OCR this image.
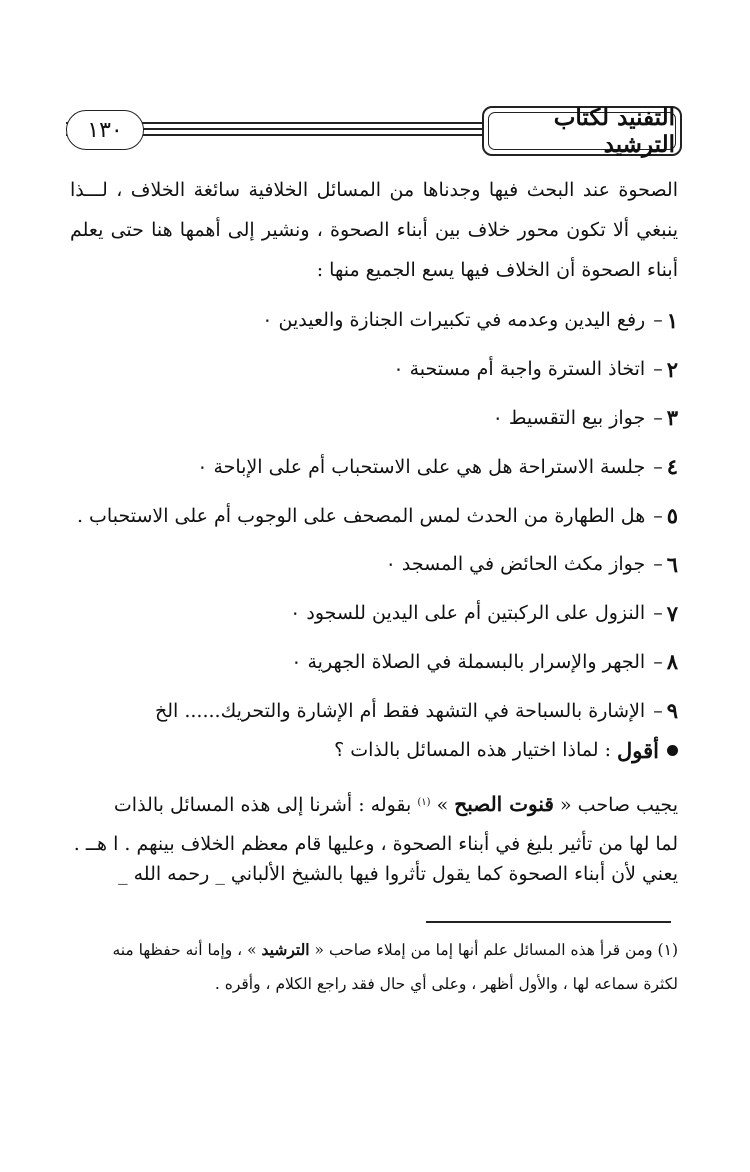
التفنيد لكتاب الترشيد
١٣٠

الصحوة عند البحث فيها وجدناها من المسائل الخلافية سائغة الخلاف ، لـــذا

ينبغي ألا تكون محور خلاف بين أبناء الصحوة ، ونشير إلى أهمها هنا حتى يعلم

أبناء الصحوة أن الخلاف فيها يسع الجميع منها :

١
–
رفع اليدين وعدمه في تكبيرات الجنازة والعيدين ٠
٢
–
اتخاذ السترة واجبة أم مستحبة ٠
٣
–
جواز بيع التقسيط ٠
٤
–
جلسة الاستراحة هل هي على الاستحباب أم على الإباحة ٠
٥
–
هل الطهارة من الحدث لمس المصحف على الوجوب أم على الاستحباب .
٦
–
جواز مكث الحائض في المسجد ٠
٧
–
النزول على الركبتين أم على اليدين للسجود ٠
٨
–
الجهر والإسرار بالبسملة في الصلاة الجهرية ٠
٩
–
الإشارة بالسباحة في التشهد فقط أم الإشارة والتحريك...... الخ
أقول
: لماذا اختيار هذه المسائل بالذات ؟
يجيب صاحب « قنوت الصبح » $^{(١)}$ بقوله : أشرنا إلى هذه المسائل بالذات
لما لها من تأثير بليغ في أبناء الصحوة ، وعليها قام معظم الخلاف بينهم . ا هــ .
يعني لأن أبناء الصحوة كما يقول تأثروا فيها بالشيخ الألباني _ رحمه الله _

(١) ومن قرأ هذه المسائل علم أنها إما من إملاء صاحب « الترشيد » ، وإما أنه حفظها منه

لكثرة سماعه لها ، والأول أظهر ، وعلى أي حال فقد راجع الكلام ، وأقره .
